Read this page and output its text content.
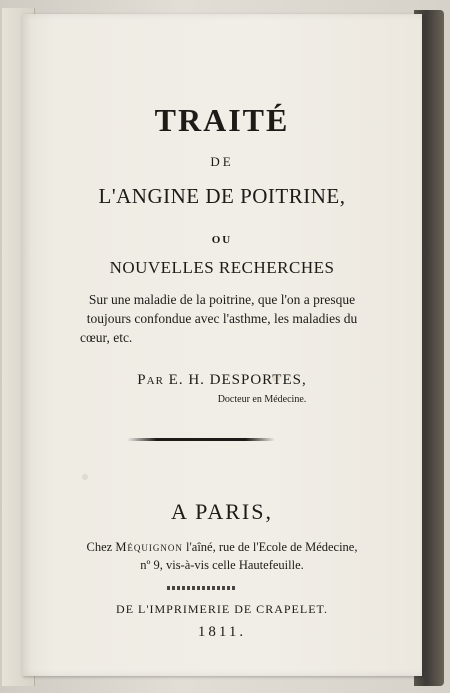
TRAITÉ
DE
L'ANGINE DE POITRINE,
OU
NOUVELLES RECHERCHES
Sur une maladie de la poitrine, que l'on a presque
toujours confondue avec l'asthme, les maladies du
cœur, etc.
Par E. H. DESPORTES,
Docteur en Médecine.
A PARIS,
Chez Méquignon l'aîné, rue de l'Ecole de Médecine,
nº 9, vis-à-vis celle Hautefeuille.
DE L'IMPRIMERIE DE CRAPELET.
1811.
